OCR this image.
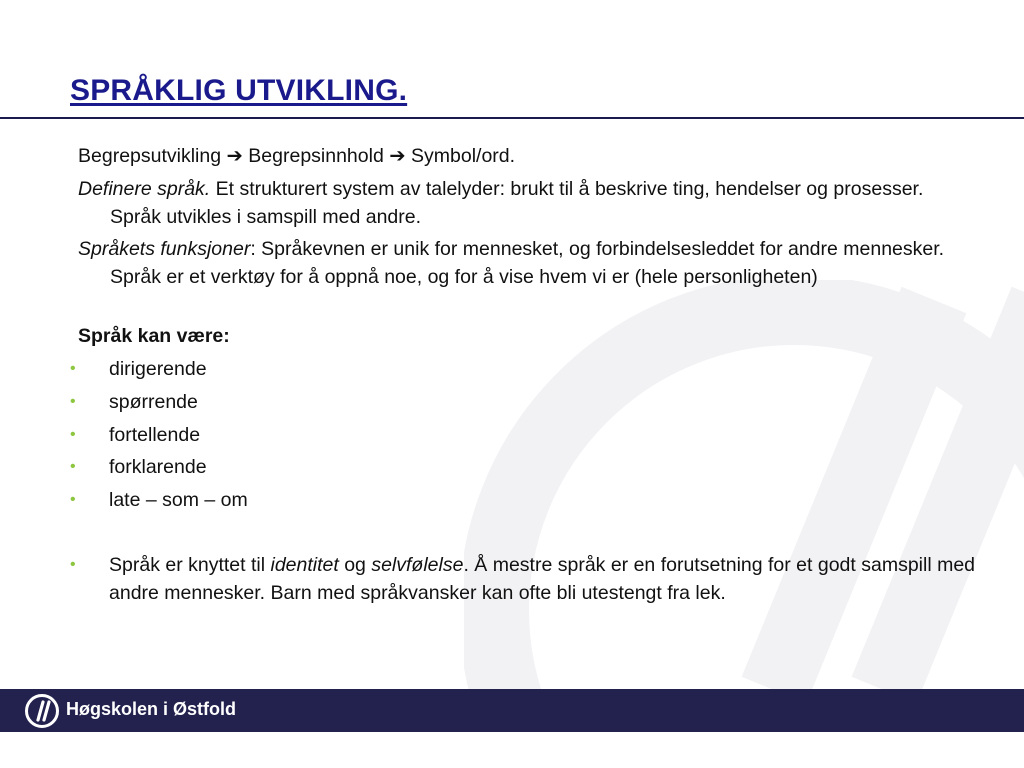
SPRÅKLIG UTVIKLING.

Begrepsutvikling ➔ Begrepsinnhold ➔ Symbol/ord.

Definere språk. Et strukturert system av talelyder: brukt til å beskrive ting, hendelser og prosesser. Språk utvikles i samspill med andre.

Språkets funksjoner: Språkevnen er unik for mennesket, og forbindelsesleddet for andre mennesker. Språk er et verktøy for å oppnå noe, og for å vise hvem vi er (hele personligheten)

Språk kan være:

• dirigerende

• spørrende

• fortellende

• forklarende

• late – som – om

• Språk er knyttet til identitet og selvfølelse. Å mestre språk er en forutsetning for et godt samspill med andre mennesker. Barn med språkvansker kan ofte bli utestengt fra lek.

Høgskolen i Østfold
